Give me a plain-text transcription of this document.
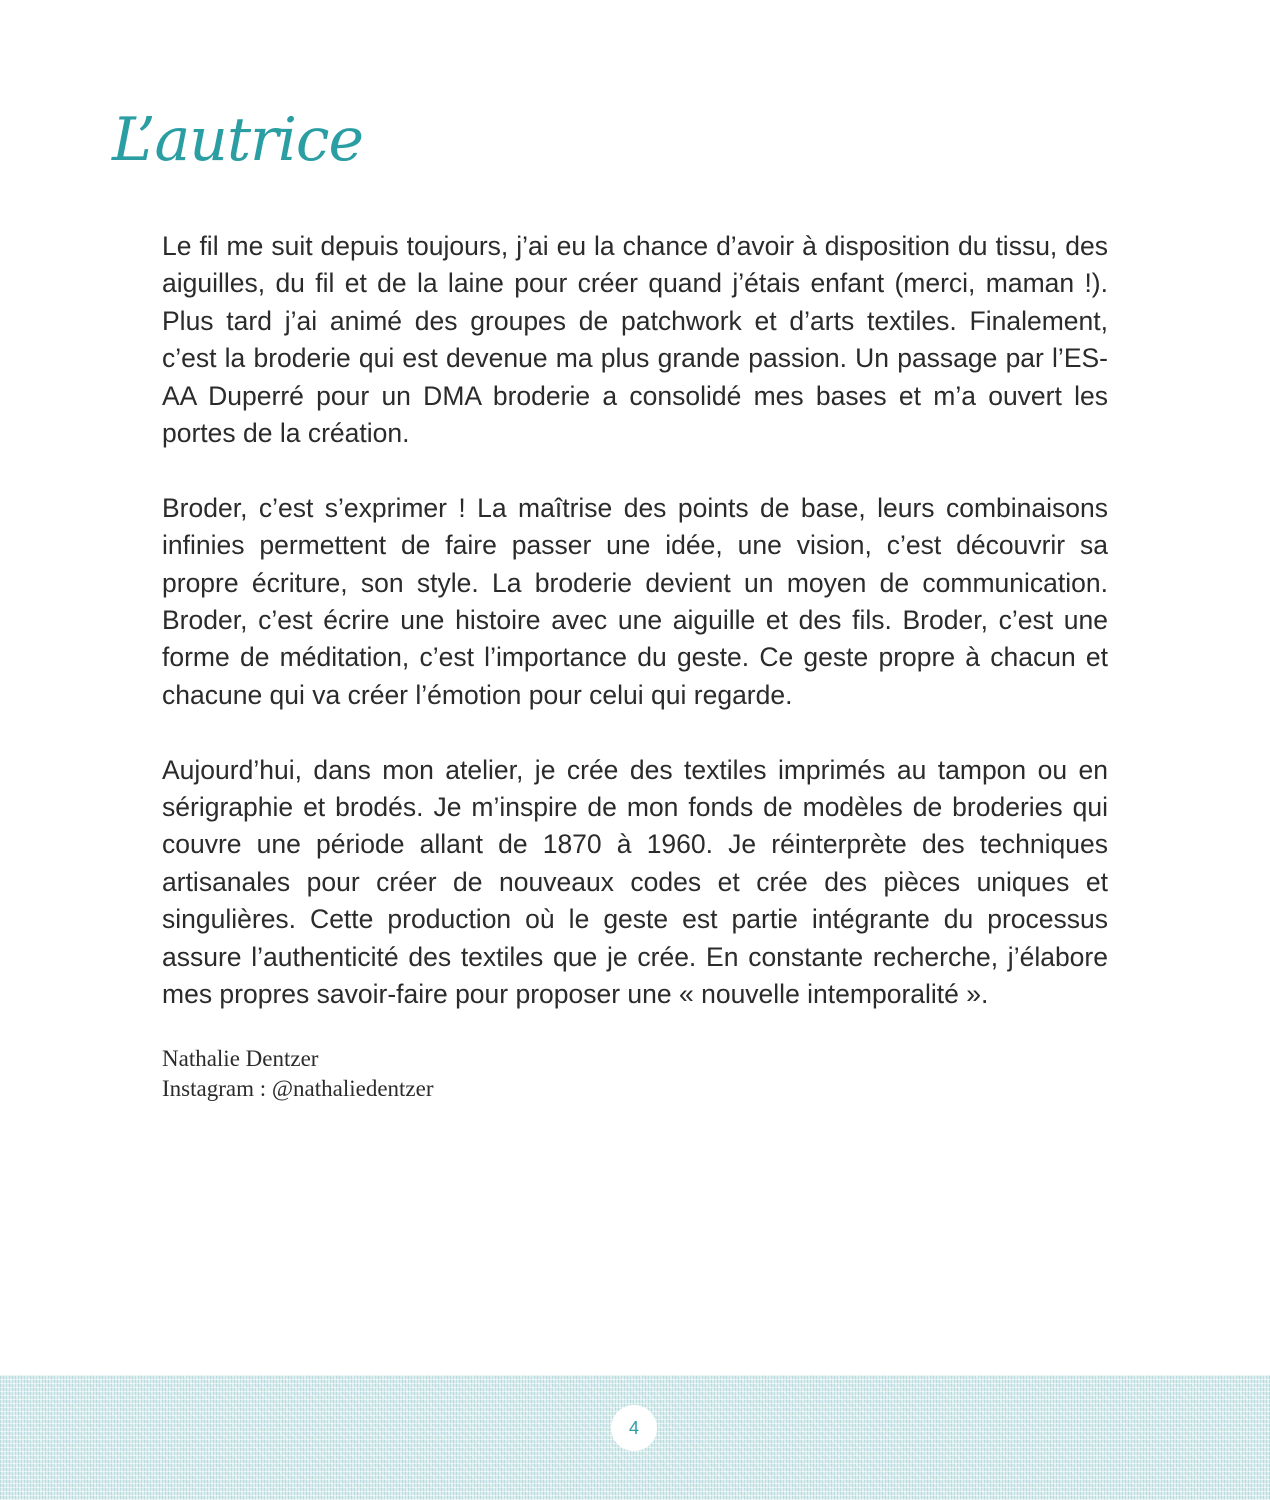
L’autrice

Le fil me suit depuis toujours, j’ai eu la chance d’avoir à disposition du tissu, des aiguilles, du fil et de la laine pour créer quand j’étais enfant (merci, maman !). Plus tard j’ai animé des groupes de patchwork et d’arts textiles. Finalement, c’est la broderie qui est devenue ma plus grande passion. Un passage par l’ES-AA Duperré pour un DMA broderie a consolidé mes bases et m’a ouvert les portes de la création.

Broder, c’est s’exprimer ! La maîtrise des points de base, leurs combinaisons infinies permettent de faire passer une idée, une vision, c’est découvrir sa propre écriture, son style. La broderie devient un moyen de communication. Broder, c’est écrire une histoire avec une aiguille et des fils. Broder, c’est une forme de méditation, c’est l’importance du geste. Ce geste propre à chacun et chacune qui va créer l’émotion pour celui qui regarde.

Aujourd’hui, dans mon atelier, je crée des textiles imprimés au tampon ou en sérigraphie et brodés. Je m’inspire de mon fonds de modèles de broderies qui couvre une période allant de 1870 à 1960. Je réinterprète des techniques artisanales pour créer de nouveaux codes et crée des pièces uniques et singulières. Cette production où le geste est partie intégrante du processus assure l’authenticité des textiles que je crée. En constante recherche, j’élabore mes propres savoir-faire pour proposer une « nouvelle intemporalité ».

Nathalie Dentzer
Instagram : @nathaliedentzer
4
